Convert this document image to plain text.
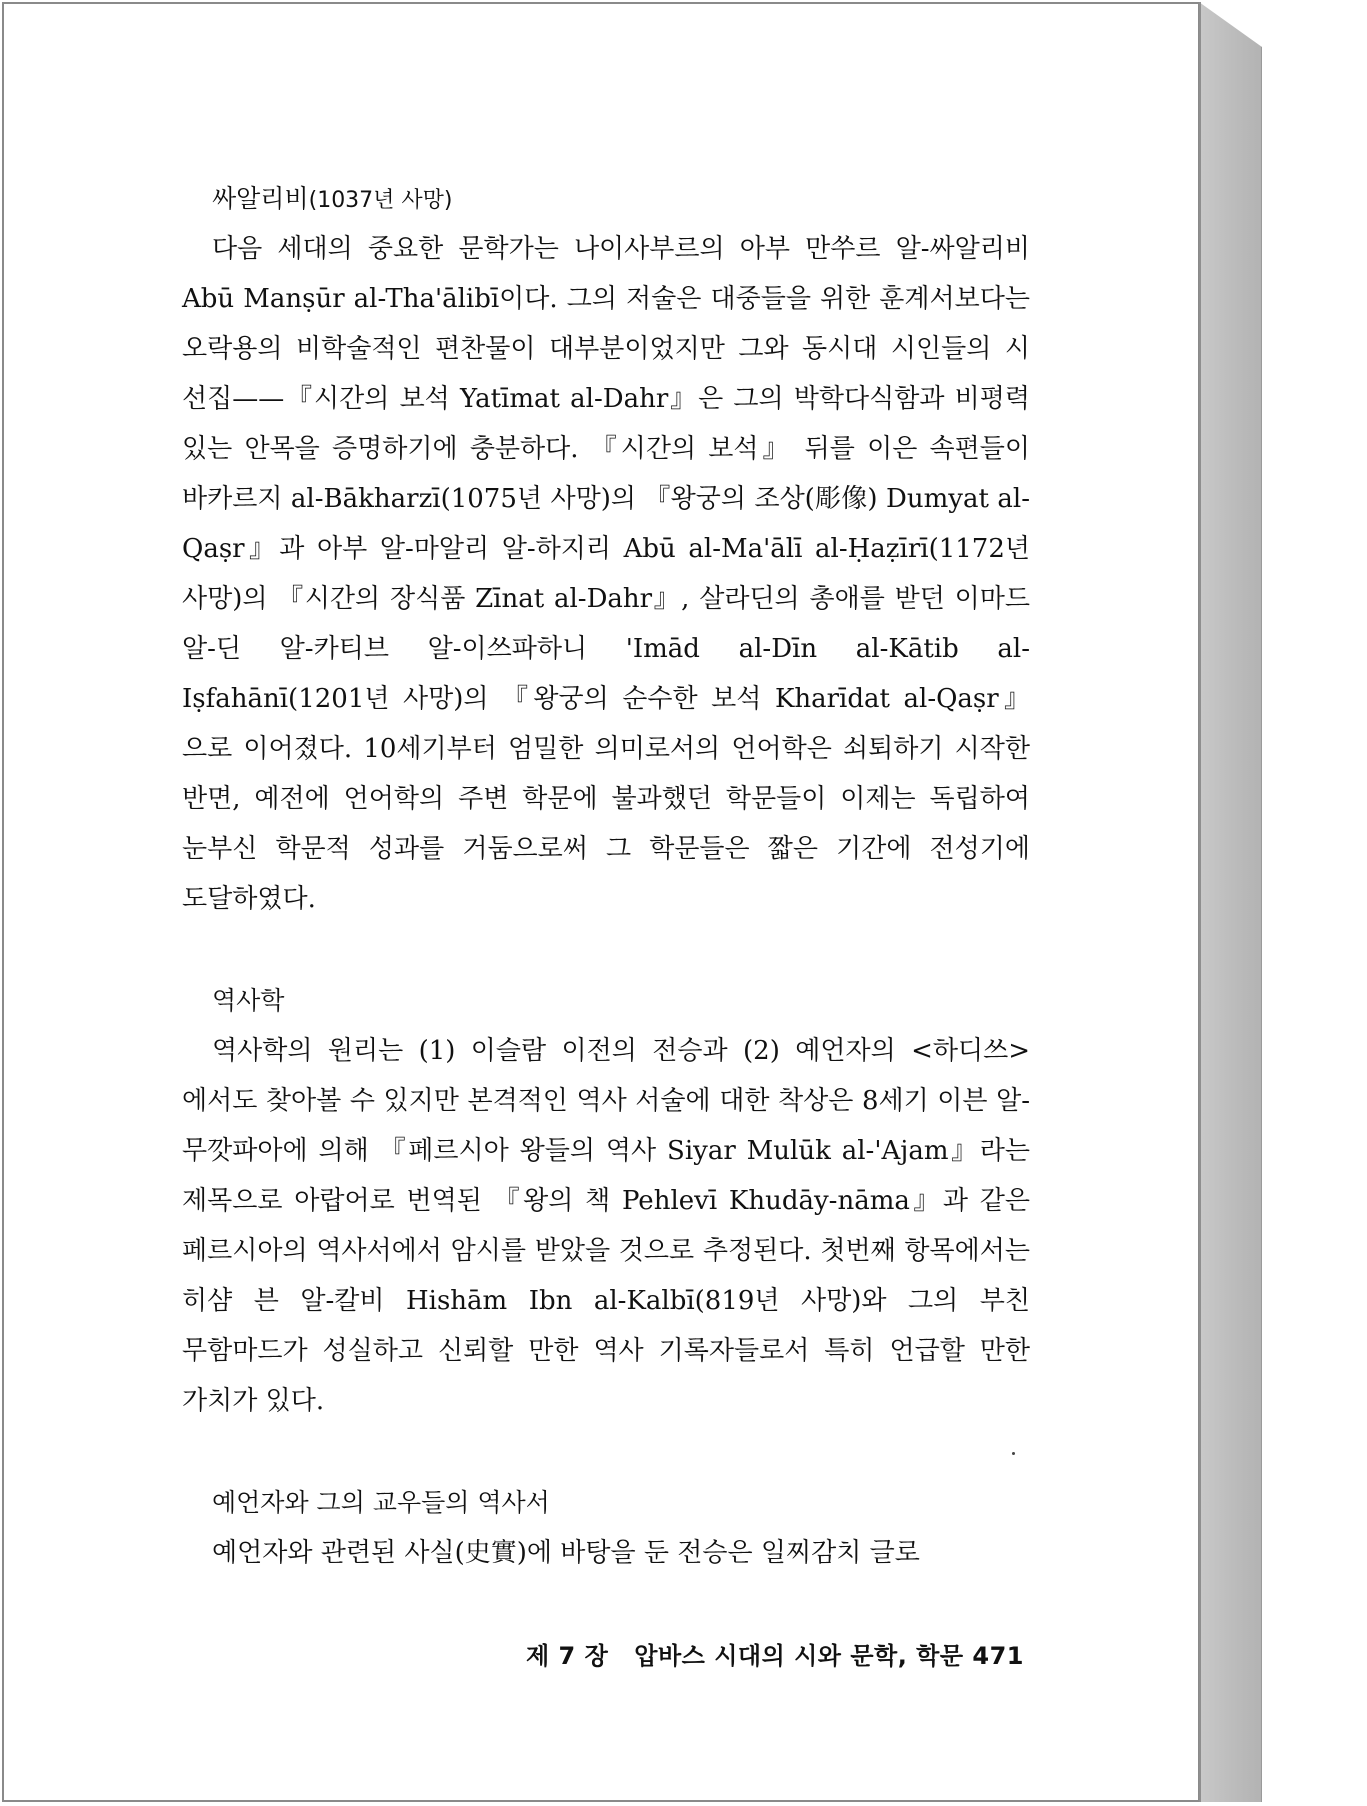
싸알리비(1037년 사망)

다음 세대의 중요한 문학가는 나이사부르의 아부 만쑤르 알-싸알리비 Abū Manṣūr al-Tha'ālibī이다. 그의 저술은 대중들을 위한 훈계서보다는 오락용의 비학술적인 편찬물이 대부분이었지만 그와 동시대 시인들의 시 선집——『시간의 보석 Yatīmat al-Dahr』은 그의 박학다식함과 비평력 있는 안목을 증명하기에 충분하다. 『시간의 보석』 뒤를 이은 속편들이 바카르지 al-Bākharzī(1075년 사망)의 『왕궁의 조상(彫像) Dumyat al-Qaṣr』과 아부 알-마알리 알-하지리 Abū al-Ma'ālī al-Ḥaẓīrī(1172년 사망)의 『시간의 장식품 Zīnat al-Dahr』, 살라딘의 총애를 받던 이마드 알-딘 알-카티브 알-이쓰파하니 'Imād al-Dīn al-Kātib al-Iṣfahānī(1201년 사망)의 『왕궁의 순수한 보석 Kharīdat al-Qaṣr』으로 이어졌다. 10세기부터 엄밀한 의미로서의 언어학은 쇠퇴하기 시작한 반면, 예전에 언어학의 주변 학문에 불과했던 학문들이 이제는 독립하여 눈부신 학문적 성과를 거둠으로써 그 학문들은 짧은 기간에 전성기에 도달하였다.

역사학

역사학의 원리는 (1) 이슬람 이전의 전승과 (2) 예언자의 <하디쓰>에서도 찾아볼 수 있지만 본격적인 역사 서술에 대한 착상은 8세기 이븐 알-무깟파아에 의해 『페르시아 왕들의 역사 Siyar Mulūk al-'Ajam』라는 제목으로 아랍어로 번역된 『왕의 책 Pehlevī Khudāy-nāma』과 같은 페르시아의 역사서에서 암시를 받았을 것으로 추정된다. 첫번째 항목에서는 히샴 븐 알-칼비 Hishām Ibn al-Kalbī(819년 사망)와 그의 부친 무함마드가 성실하고 신뢰할 만한 역사 기록자들로서 특히 언급할 만한 가치가 있다.

예언자와 그의 교우들의 역사서

예언자와 관련된 사실(史實)에 바탕을 둔 전승은 일찌감치 글로

제 7 장 압바스 시대의 시와 문학, 학문 471
